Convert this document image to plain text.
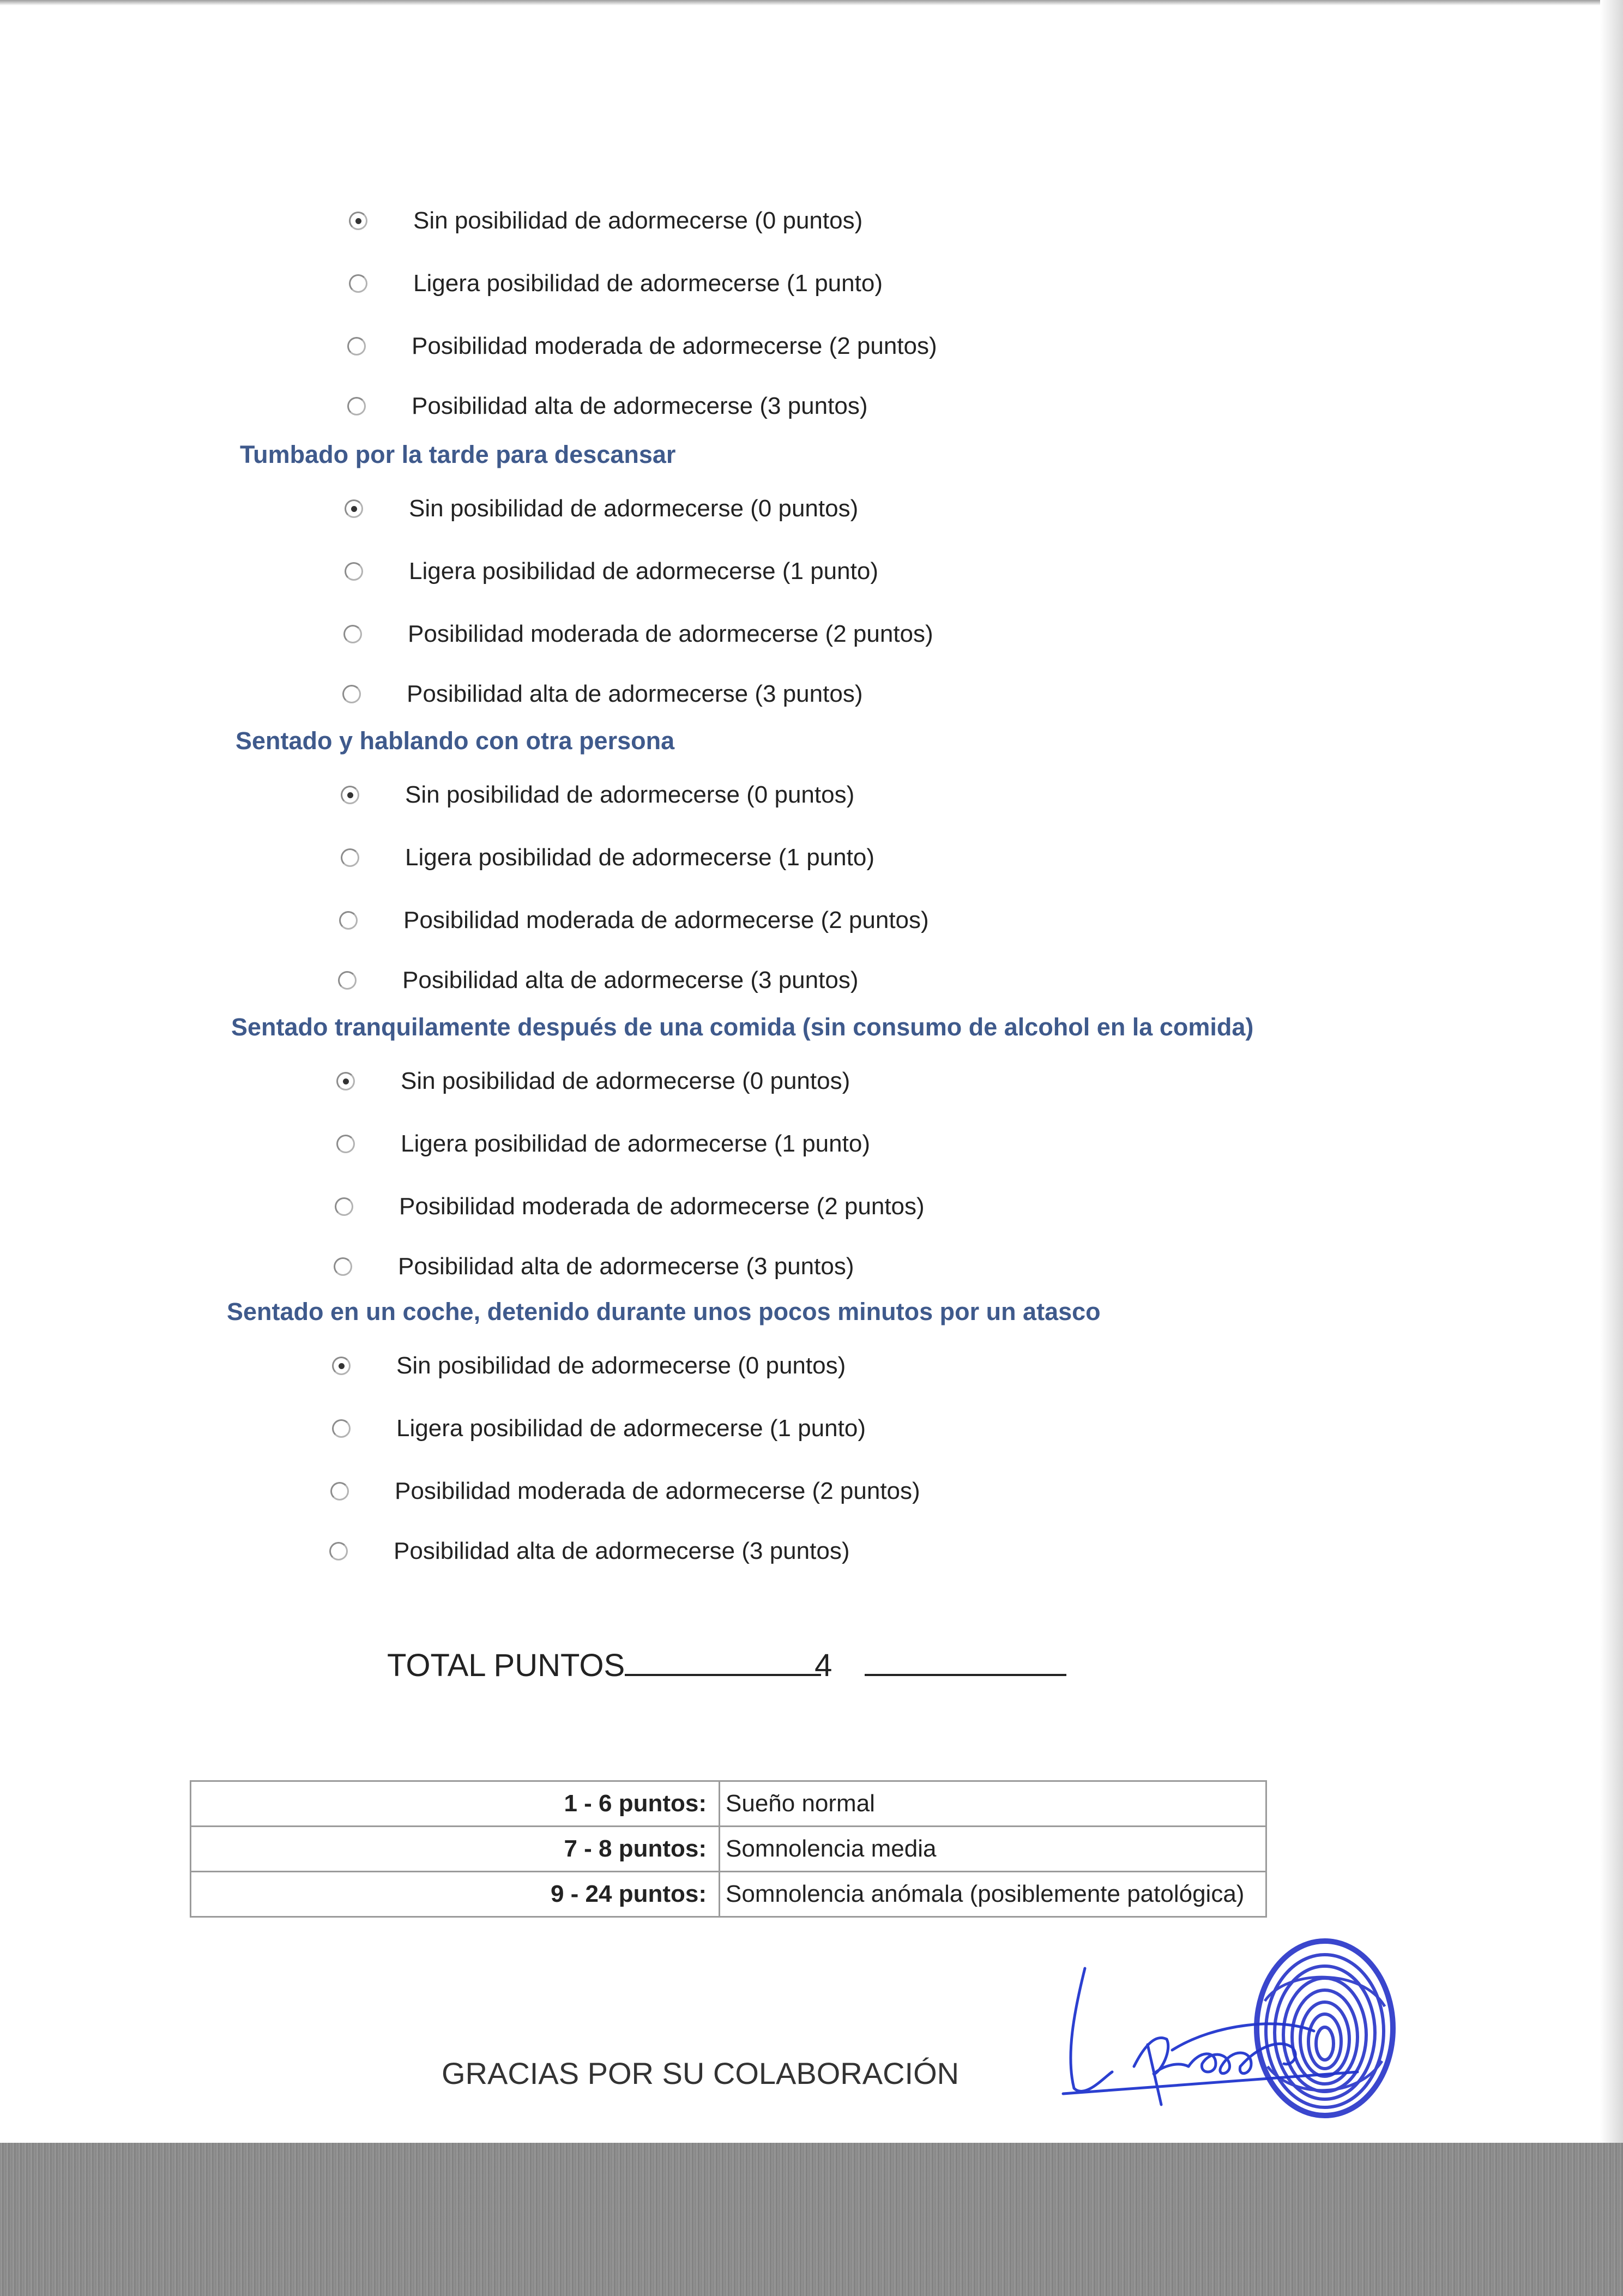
Sin posibilidad de adormecerse (0 puntos)
Ligera posibilidad de adormecerse (1 punto)
Posibilidad moderada de adormecerse (2 puntos)
Posibilidad alta de adormecerse (3 puntos)
Tumbado por la tarde para descansar
Sin posibilidad de adormecerse (0 puntos)
Ligera posibilidad de adormecerse (1 punto)
Posibilidad moderada de adormecerse (2 puntos)
Posibilidad alta de adormecerse (3 puntos)
Sentado y hablando con otra persona
Sin posibilidad de adormecerse (0 puntos)
Ligera posibilidad de adormecerse (1 punto)
Posibilidad moderada de adormecerse (2 puntos)
Posibilidad alta de adormecerse (3 puntos)
Sentado tranquilamente después de una comida (sin consumo de alcohol en la comida)
Sin posibilidad de adormecerse (0 puntos)
Ligera posibilidad de adormecerse (1 punto)
Posibilidad moderada de adormecerse (2 puntos)
Posibilidad alta de adormecerse (3 puntos)
Sentado en un coche, detenido durante unos pocos minutos por un atasco
Sin posibilidad de adormecerse (0 puntos)
Ligera posibilidad de adormecerse (1 punto)
Posibilidad moderada de adormecerse (2 puntos)
Posibilidad alta de adormecerse (3 puntos)
TOTAL PUNTOS	4
1 - 6 puntos:	Sueño normal
7 - 8 puntos:	Somnolencia media
9 - 24 puntos:	Somnolencia anómala (posiblemente patológica)
GRACIAS POR SU COLABORACIÓN
